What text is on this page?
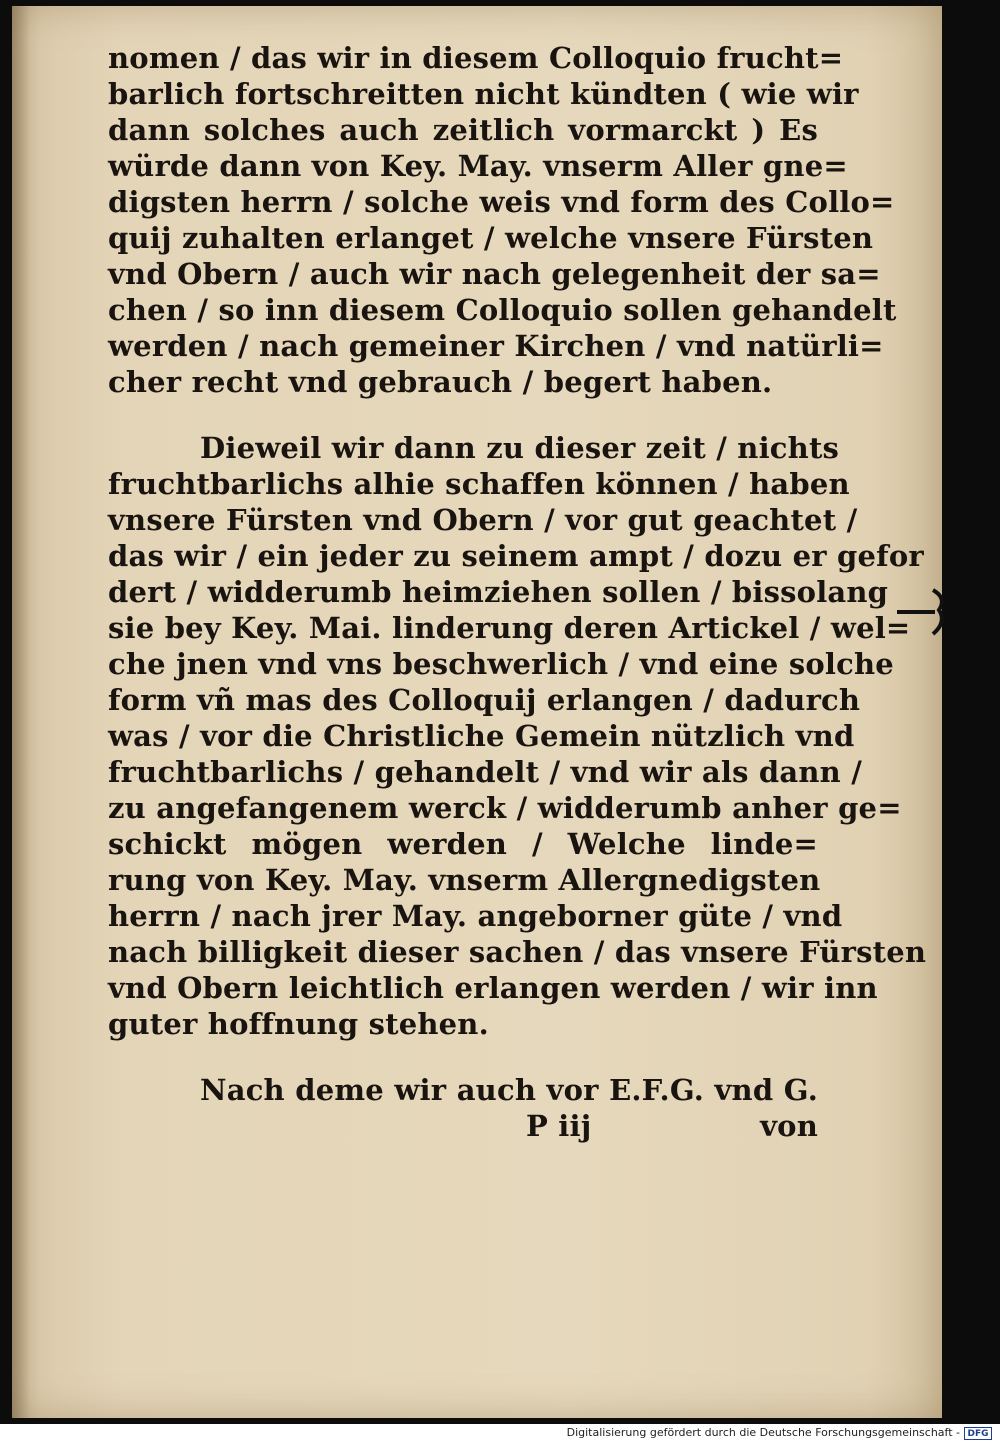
nomen / das wir in diesem Colloquio frucht=
barlich fortschreitten nicht kündten ( wie wir
dann solches auch zeitlich vormarckt ) Es
würde dann von Key. May. vnserm Aller gne=
digsten herrn / solche weis vnd form des Collo=
quij zuhalten erlanget / welche vnsere Fürsten
vnd Obern / auch wir nach gelegenheit der sa=
chen / so inn diesem Colloquio sollen gehandelt
werden / nach gemeiner Kirchen / vnd natürli=
cher recht vnd gebrauch / begert haben.
Dieweil wir dann zu dieser zeit / nichts
fruchtbarlichs alhie schaffen können / haben
vnsere Fürsten vnd Obern / vor gut geachtet /
das wir / ein jeder zu seinem ampt / dozu er gefor
dert / widderumb heimziehen sollen / bissolang
sie bey Key. Mai. linderung deren Artickel / wel=
che jnen vnd vns beschwerlich / vnd eine solche
form vñ mas des Colloquij erlangen / dadurch
was / vor die Christliche Gemein nützlich vnd
fruchtbarlichs / gehandelt / vnd wir als dann /
zu angefangenem werck / widderumb anher ge=
schickt mögen werden / Welche linde=
rung von Key. May. vnserm Allergnedigsten
herrn / nach jrer May. angeborner güte / vnd
nach billigkeit dieser sachen / das vnsere Fürsten
vnd Obern leichtlich erlangen werden / wir inn
guter hoffnung stehen.
Nach deme wir auch vor E.F.G. vnd G.
P iij	von
Digitalisierung gefördert durch die Deutsche Forschungsgemeinschaft - DFG
